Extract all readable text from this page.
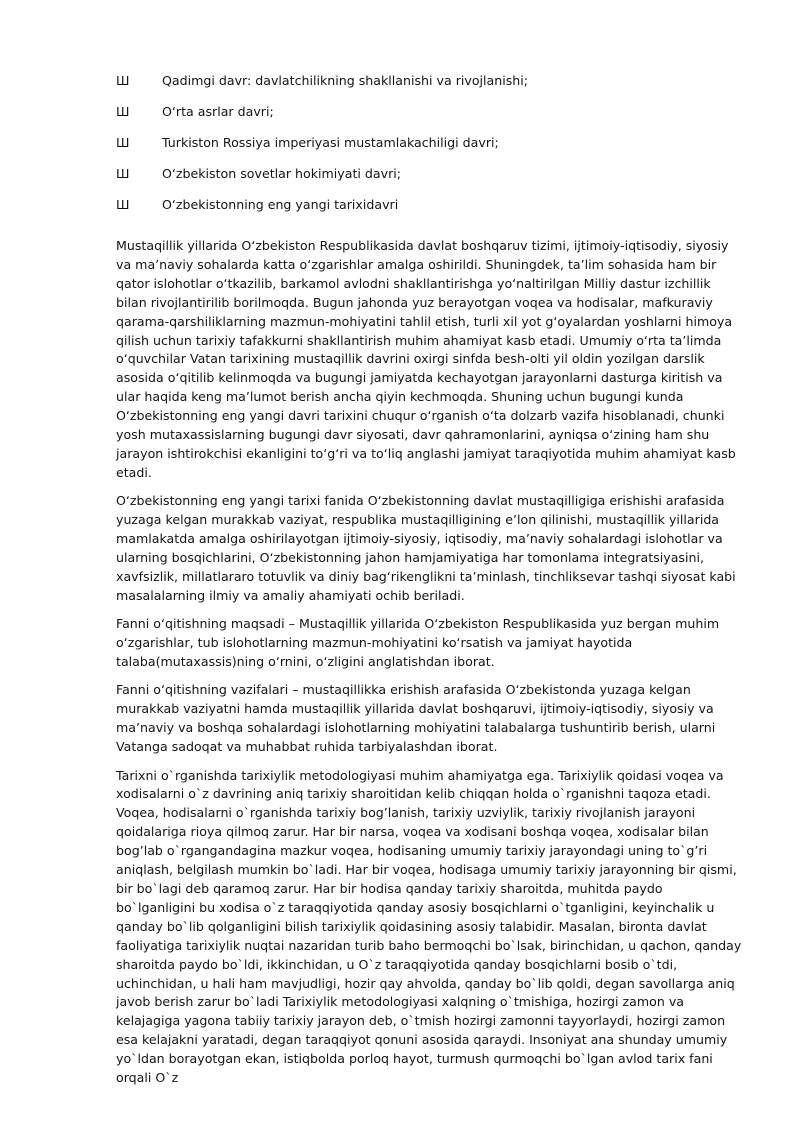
Ш	Qadimgi davr: davlatchilikning shakllanishi va rivojlanishi;
Ш	O‘rta asrlar davri;
Ш	Turkiston Rossiya imperiyasi mustamlakachiligi davri;
Ш	O‘zbekiston sovetlar hokimiyati davri;
Ш	O‘zbekistonning eng yangi tarixidavri

Mustaqillik yillarida O‘zbekiston Respublikasida davlat boshqaruv tizimi, ijtimoiy-iqtisodiy, siyosiy va ma’naviy sohalarda katta o‘zgarishlar amalga oshirildi. Shuningdek, ta’lim sohasida ham bir qator islohotlar o‘tkazilib, barkamol avlodni shakllantirishga yo‘naltirilgan Milliy dastur izchillik bilan rivojlantirilib borilmoqda. Bugun jahonda yuz berayotgan voqea va hodisalar, mafkuraviy qarama-qarshiliklarning mazmun-mohiyatini tahlil etish, turli xil yot g‘oyalardan yoshlarni himoya qilish uchun tarixiy tafakkurni shakllantirish muhim ahamiyat kasb etadi. Umumiy o‘rta ta’limda o‘quvchilar Vatan tarixining mustaqillik davrini oxirgi sinfda besh-olti yil oldin yozilgan darslik asosida o‘qitilib kelinmoqda va bugungi jamiyatda kechayotgan jarayonlarni dasturga kiritish va ular haqida keng ma’lumot berish ancha qiyin kechmoqda. Shuning uchun bugungi kunda O‘zbekistonning eng yangi davri tarixini chuqur o‘rganish o‘ta dolzarb vazifa hisoblanadi, chunki yosh mutaxassislarning bugungi davr siyosati, davr qahramonlarini, ayniqsa o‘zining ham shu jarayon ishtirokchisi ekanligini to‘g‘ri va to‘liq anglashi jamiyat taraqiyotida muhim ahamiyat kasb etadi.

O‘zbekistonning eng yangi tarixi fanida O‘zbekistonning davlat mustaqilligiga erishishi arafasida yuzaga kelgan murakkab vaziyat, respublika mustaqilligining e’lon qilinishi, mustaqillik yillarida mamlakatda amalga oshirilayotgan ijtimoiy-siyosiy, iqtisodiy, ma’naviy sohalardagi islohotlar va ularning bosqichlarini, O‘zbekistonning jahon hamjamiyatiga har tomonlama integratsiyasini, xavfsizlik, millatlararo totuvlik va diniy bag‘rikenglikni ta’minlash, tinchliksevar tashqi siyosat kabi masalalarning ilmiy va amaliy ahamiyati ochib beriladi.

Fanni o‘qitishning maqsadi – Mustaqillik yillarida O‘zbekiston Respublikasida yuz bergan muhim o‘zgarishlar, tub islohotlarning mazmun-mohiyatini ko‘rsatish va jamiyat hayotida talaba(mutaxassis)ning o‘rnini, o‘zligini anglatishdan iborat.

Fanni o‘qitishning vazifalari – mustaqillikka erishish arafasida O‘zbekistonda yuzaga kelgan murakkab vaziyatni hamda mustaqillik yillarida davlat boshqaruvi, ijtimoiy-iqtisodiy, siyosiy va ma’naviy va boshqa sohalardagi islohotlarning mohiyatini talabalarga tushuntirib berish, ularni Vatanga sadoqat va muhabbat ruhida tarbiyalashdan iborat.

Tarixni o`rganishda tarixiylik metodologiyasi muhim ahamiyatga ega. Tarixiylik qoidasi voqea va xodisalarni o`z davrining aniq tarixiy sharoitidan kelib chiqqan holda o`rganishni taqoza etadi. Voqea, hodisalarni o`rganishda tarixiy bog’lanish, tarixiy uzviylik, tarixiy rivojlanish jarayoni qoidalariga rioya qilmoq zarur. Har bir narsa, voqea va xodisani boshqa voqea, xodisalar bilan bog’lab o`rgangandagina mazkur voqea, hodisaning umumiy tarixiy jarayondagi uning to`g’ri aniqlash, belgilash mumkin bo`ladi. Har bir voqea, hodisaga umumiy tarixiy jarayonning bir qismi, bir bo`lagi deb qaramoq zarur. Har bir hodisa qanday tarixiy sharoitda, muhitda paydo bo`lganligini bu xodisa o`z taraqqiyotida qanday asosiy bosqichlarni o`tganligini, keyinchalik u qanday bo`lib qolganligini bilish tarixiylik qoidasining asosiy talabidir. Masalan, bironta davlat faoliyatiga tarixiylik nuqtai nazaridan turib baho bermoqchi bo`lsak, birinchidan, u qachon, qanday sharoitda paydo bo`ldi, ikkinchidan, u O`z taraqqiyotida qanday bosqichlarni bosib o`tdi, uchinchidan, u hali ham mavjudligi, hozir qay ahvolda, qanday bo`lib qoldi, degan savollarga aniq javob berish zarur bo`ladi Tarixiylik metodologiyasi xalqning o`tmishiga, hozirgi zamon va kelajagiga yagona tabiiy tarixiy jarayon deb, o`tmish hozirgi zamonni tayyorlaydi, hozirgi zamon esa kelajakni yaratadi, degan taraqqiyot qonuni asosida qaraydi. Insoniyat ana shunday umumiy yo`ldan borayotgan ekan, istiqbolda porloq hayot, turmush qurmoqchi bo`lgan avlod tarix fani orqali O`z
